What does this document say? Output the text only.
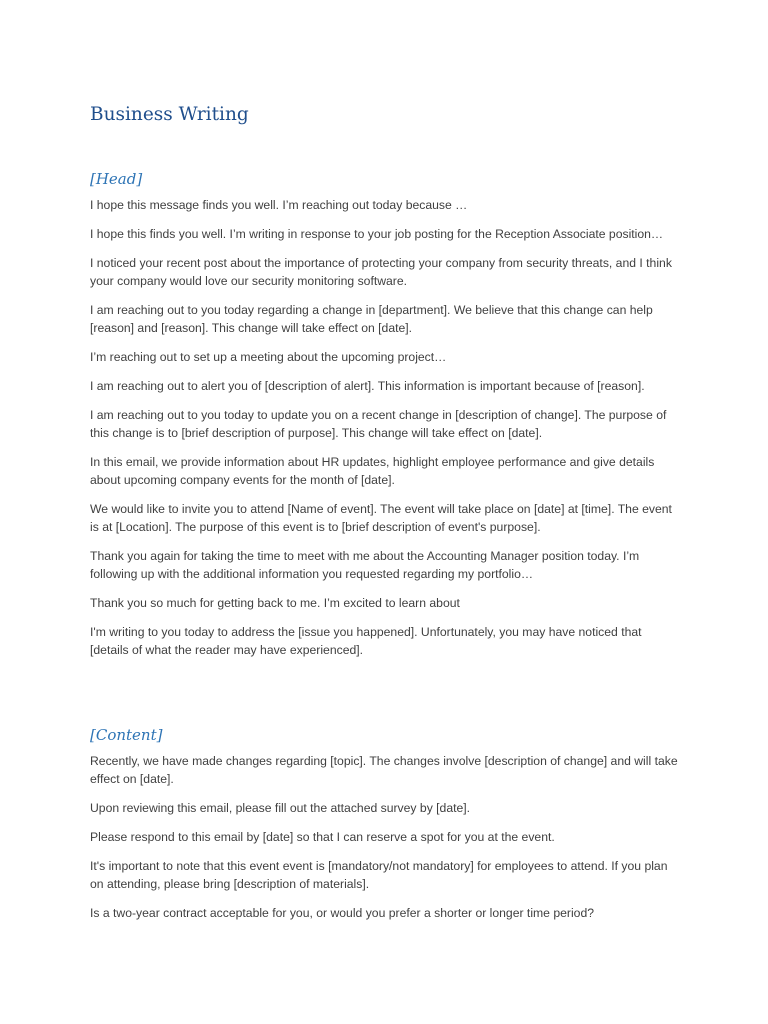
Business Writing
[Head]
I hope this message finds you well. I’m reaching out today because …
I hope this finds you well. I’m writing in response to your job posting for the Reception Associate position…
I noticed your recent post about the importance of protecting your company from security threats, and I think your company would love our security monitoring software.
I am reaching out to you today regarding a change in [department]. We believe that this change can help [reason] and [reason]. This change will take effect on [date].
I’m reaching out to set up a meeting about the upcoming project…
I am reaching out to alert you of [description of alert]. This information is important because of [reason].
I am reaching out to you today to update you on a recent change in [description of change]. The purpose of this change is to [brief description of purpose]. This change will take effect on [date].
In this email, we provide information about HR updates, highlight employee performance and give details about upcoming company events for the month of [date].
We would like to invite you to attend [Name of event]. The event will take place on [date] at [time]. The event is at [Location]. The purpose of this event is to [brief description of event's purpose].
Thank you again for taking the time to meet with me about the Accounting Manager position today. I’m following up with the additional information you requested regarding my portfolio…
Thank you so much for getting back to me. I’m excited to learn about
I'm writing to you today to address the [issue you happened]. Unfortunately, you may have noticed that [details of what the reader may have experienced].
[Content]
Recently, we have made changes regarding [topic]. The changes involve [description of change] and will take effect on [date].
Upon reviewing this email, please fill out the attached survey by [date].
Please respond to this email by [date] so that I can reserve a spot for you at the event.
It's important to note that this event event is [mandatory/not mandatory] for employees to attend. If you plan on attending, please bring [description of materials].
Is a two-year contract acceptable for you, or would you prefer a shorter or longer time period?
